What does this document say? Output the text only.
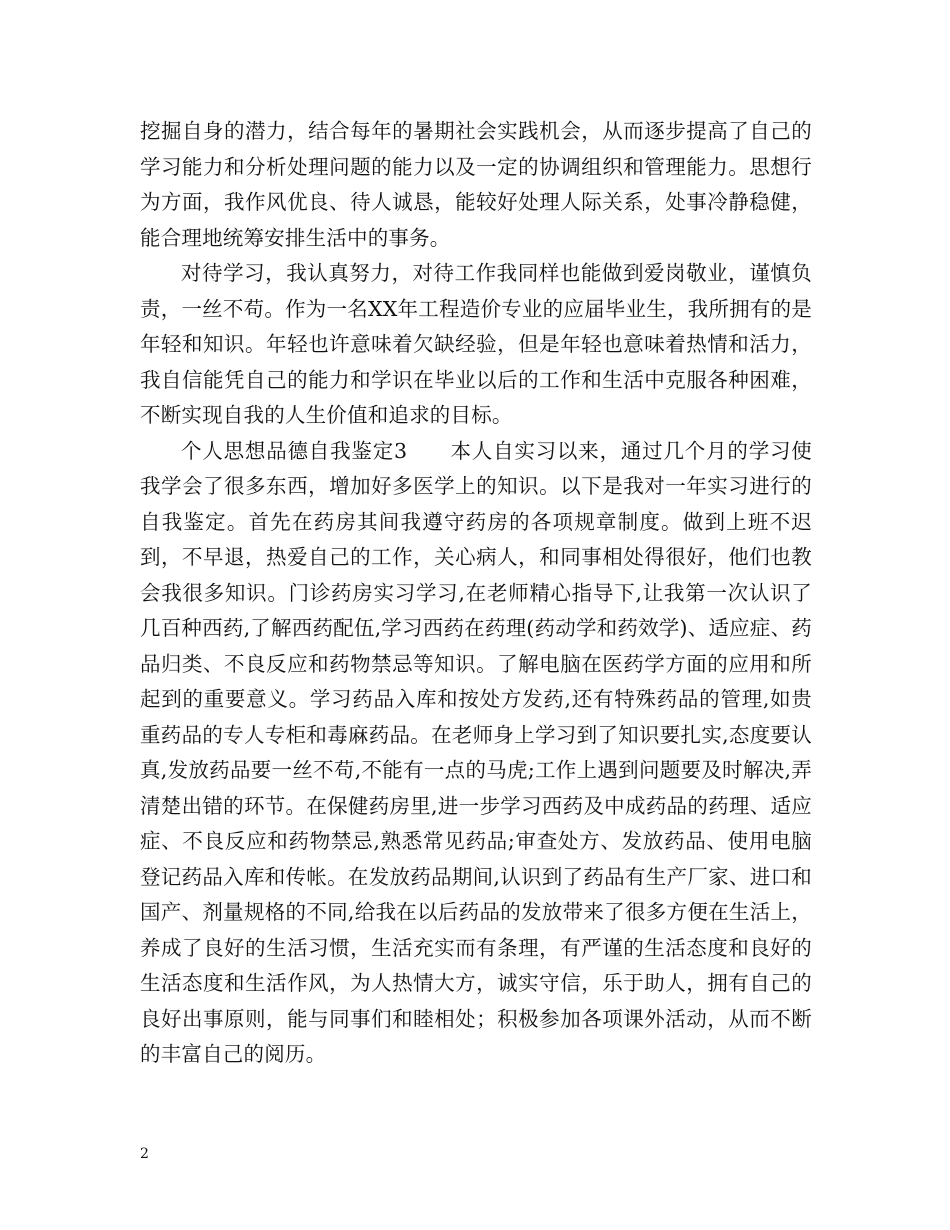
挖掘自身的潜力，结合每年的暑期社会实践机会，从而逐步提高了自己的学习能力和分析处理问题的能力以及一定的协调组织和管理能力。思想行为方面，我作风优良、待人诚恳，能较好处理人际关系，处事冷静稳健，能合理地统筹安排生活中的事务。

对待学习，我认真努力，对待工作我同样也能做到爱岗敬业，谨慎负责，一丝不苟。作为一名XX年工程造价专业的应届毕业生，我所拥有的是年轻和知识。年轻也许意味着欠缺经验，但是年轻也意味着热情和活力，我自信能凭自己的能力和学识在毕业以后的工作和生活中克服各种困难，不断实现自我的人生价值和追求的目标。

个人思想品德自我鉴定3　　本人自实习以来，通过几个月的学习使我学会了很多东西，增加好多医学上的知识。以下是我对一年实习进行的自我鉴定。首先在药房其间我遵守药房的各项规章制度。做到上班不迟到，不早退，热爱自己的工作，关心病人，和同事相处得很好，他们也教会我很多知识。门诊药房实习学习,在老师精心指导下,让我第一次认识了几百种西药,了解西药配伍,学习西药在药理(药动学和药效学)、适应症、药品归类、不良反应和药物禁忌等知识。了解电脑在医药学方面的应用和所起到的重要意义。学习药品入库和按处方发药,还有特殊药品的管理,如贵重药品的专人专柜和毒麻药品。在老师身上学习到了知识要扎实,态度要认真,发放药品要一丝不苟,不能有一点的马虎;工作上遇到问题要及时解决,弄清楚出错的环节。在保健药房里,进一步学习西药及中成药品的药理、适应症、不良反应和药物禁忌,熟悉常见药品;审查处方、发放药品、使用电脑登记药品入库和传帐。在发放药品期间,认识到了药品有生产厂家、进口和国产、剂量规格的不同,给我在以后药品的发放带来了很多方便在生活上，养成了良好的生活习惯，生活充实而有条理，有严谨的生活态度和良好的生活态度和生活作风，为人热情大方，诚实守信，乐于助人，拥有自己的良好出事原则，能与同事们和睦相处；积极参加各项课外活动，从而不断的丰富自己的阅历。

2
